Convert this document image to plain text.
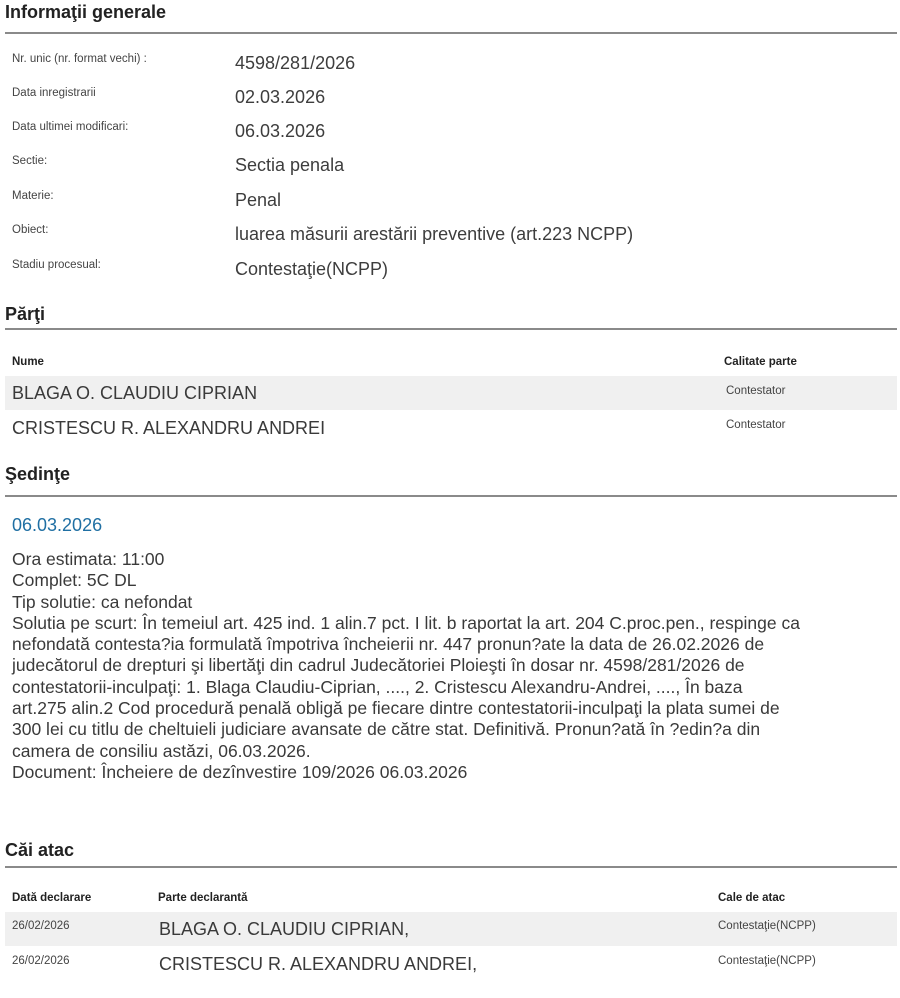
Informaţii generale
Nr. unic (nr. format vechi) :	4598/281/2026
Data inregistrarii	02.03.2026
Data ultimei modificari:	06.03.2026
Sectie:	Sectia penala
Materie:	Penal
Obiect:	luarea măsurii arestării preventive (art.223 NCPP)
Stadiu procesual:	Contestaţie(NCPP)
Părţi
Nume	Calitate parte
BLAGA O. CLAUDIU CIPRIAN	Contestator
CRISTESCU R. ALEXANDRU ANDREI	Contestator
Şedinţe
06.03.2026
Ora estimata: 11:00
Complet: 5C DL
Tip solutie: ca nefondat
Solutia pe scurt: În temeiul art. 425 ind. 1 alin.7 pct. I lit. b raportat la art. 204 C.proc.pen., respinge ca
nefondată contesta?ia formulată împotriva încheierii nr. 447 pronun?ate la data de 26.02.2026 de
judecătorul de drepturi şi libertăţi din cadrul Judecătoriei Ploieşti în dosar nr. 4598/281/2026 de
contestatorii-inculpaţi: 1. Blaga Claudiu-Ciprian, ...., 2. Cristescu Alexandru-Andrei, ...., În baza
art.275 alin.2 Cod procedură penală obligă pe fiecare dintre contestatorii-inculpaţi la plata sumei de
300 lei cu titlu de cheltuieli judiciare avansate de către stat. Definitivă. Pronun?ată în ?edin?a din
camera de consiliu astăzi, 06.03.2026.
Document: Încheiere de dezînvestire 109/2026 06.03.2026
Căi atac
Dată declarare	Parte declarantă	Cale de atac
26/02/2026	BLAGA O. CLAUDIU CIPRIAN,	Contestaţie(NCPP)
26/02/2026	CRISTESCU R. ALEXANDRU ANDREI,	Contestaţie(NCPP)
